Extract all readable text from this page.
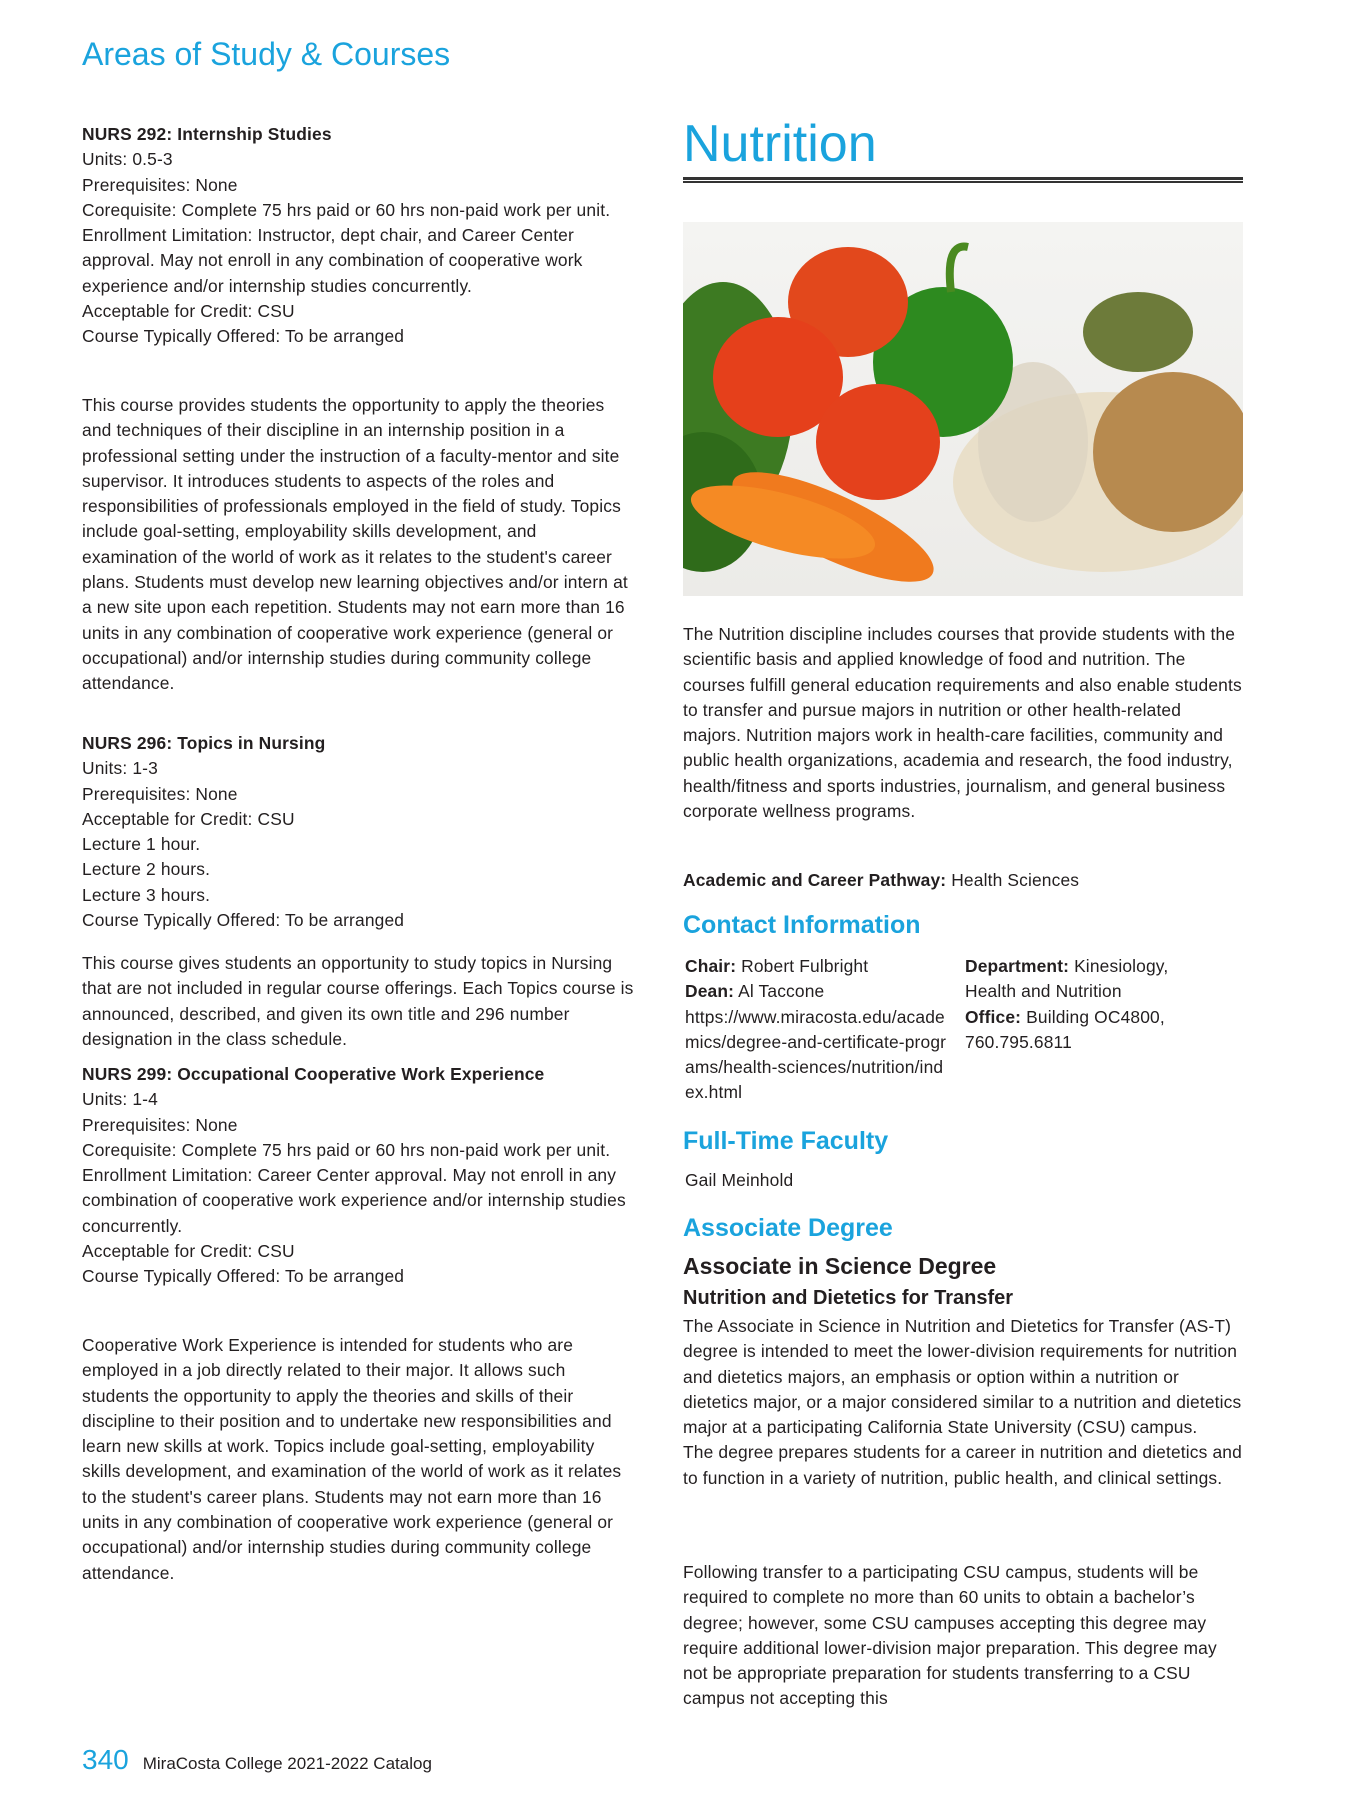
Areas of Study & Courses

NURS 292: Internship Studies

Units: 0.5-3

Prerequisites: None

Corequisite: Complete 75 hrs paid or 60 hrs non-paid work per unit.

Enrollment Limitation: Instructor, dept chair, and Career Center approval. May not enroll in any combination of cooperative work experience and/or internship studies concurrently.

Acceptable for Credit: CSU

Course Typically Offered: To be arranged

This course provides students the opportunity to apply the theories and techniques of their discipline in an internship position in a professional setting under the instruction of a faculty-mentor and site supervisor. It introduces students to aspects of the roles and responsibilities of professionals employed in the field of study. Topics include goal-setting, employability skills development, and examination of the world of work as it relates to the student's career plans. Students must develop new learning objectives and/or intern at a new site upon each repetition. Students may not earn more than 16 units in any combination of cooperative work experience (general or occupational) and/or internship studies during community college attendance.

NURS 296: Topics in Nursing

Units: 1-3

Prerequisites: None

Acceptable for Credit: CSU

Lecture 1 hour.

Lecture 2 hours.

Lecture 3 hours.

Course Typically Offered: To be arranged

This course gives students an opportunity to study topics in Nursing that are not included in regular course offerings. Each Topics course is announced, described, and given its own title and 296 number designation in the class schedule.

NURS 299: Occupational Cooperative Work Experience

Units: 1-4

Prerequisites: None

Corequisite: Complete 75 hrs paid or 60 hrs non-paid work per unit.

Enrollment Limitation: Career Center approval. May not enroll in any combination of cooperative work experience and/or internship studies concurrently.

Acceptable for Credit: CSU

Course Typically Offered: To be arranged

Cooperative Work Experience is intended for students who are employed in a job directly related to their major. It allows such students the opportunity to apply the theories and skills of their discipline to their position and to undertake new responsibilities and learn new skills at work. Topics include goal-setting, employability skills development, and examination of the world of work as it relates to the student's career plans. Students may not earn more than 16 units in any combination of cooperative work experience (general or occupational) and/or internship studies during community college attendance.

Nutrition

The Nutrition discipline includes courses that provide students with the scientific basis and applied knowledge of food and nutrition. The courses fulfill general education requirements and also enable students to transfer and pursue majors in nutrition or other health-related majors. Nutrition majors work in health-care facilities, community and public health organizations, academia and research, the food industry, health/fitness and sports industries, journalism, and general business corporate wellness programs.

Academic and Career Pathway: Health Sciences

Contact Information

Chair: Robert Fulbright

Dean: Al Taccone

https://www.miracosta.edu/academics/degree-and-certificate-programs/health-sciences/nutrition/index.html

Department: Kinesiology, Health and Nutrition

Office: Building OC4800, 760.795.6811

Full-Time Faculty

Gail Meinhold

Associate Degree
Associate in Science Degree
Nutrition and Dietetics for Transfer

The Associate in Science in Nutrition and Dietetics for Transfer (AS-T) degree is intended to meet the lower-division requirements for nutrition and dietetics majors, an emphasis or option within a nutrition or dietetics major, or a major considered similar to a nutrition and dietetics major at a participating California State University (CSU) campus.

The degree prepares students for a career in nutrition and dietetics and to function in a variety of nutrition, public health, and clinical settings.

Following transfer to a participating CSU campus, students will be required to complete no more than 60 units to obtain a bachelor’s degree; however, some CSU campuses accepting this degree may require additional lower-division major preparation. This degree may not be appropriate preparation for students transferring to a CSU campus not accepting this

340 MiraCosta College 2021-2022 Catalog
